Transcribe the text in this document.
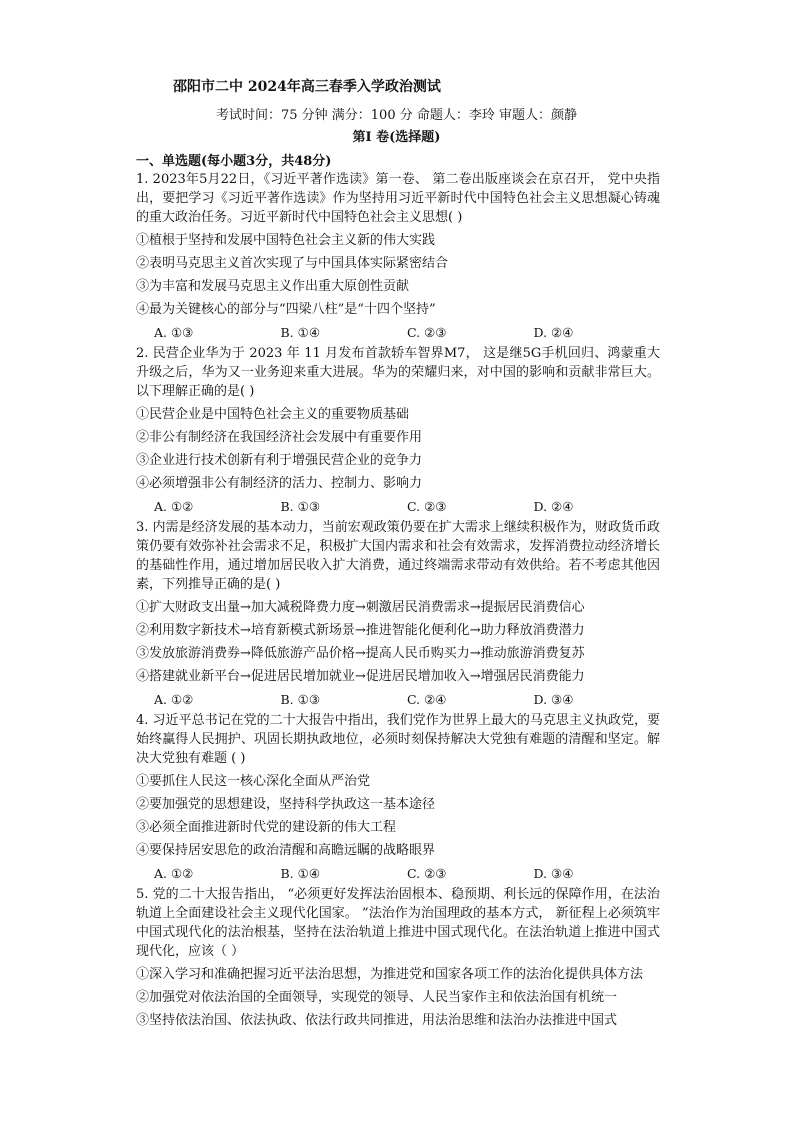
邵阳市二中 2024年高三春季入学政治测试
考试时间：75 分钟 满分：100 分 命题人：李玲 审题人：颜静
第Ⅰ 卷(选择题)
一、单选题(每小题3分，共48分)

1. 2023年5月22日，《习近平著作选读》第一卷、 第二卷出版座谈会在京召开， 党中央指出，要把学习《习近平著作选读》作为坚持用习近平新时代中国特色社会主义思想凝心铸魂的重大政治任务。习近平新时代中国特色社会主义思想( )

①植根于坚持和发展中国特色社会主义新的伟大实践

②表明马克思主义首次实现了与中国具体实际紧密结合

③为丰富和发展马克思主义作出重大原创性贡献

④最为关键核心的部分与“四梁八柱”是“十四个坚持”

A. ①③	B. ①④	C. ②③	D. ②④

2. 民营企业华为于 2023 年 11 月发布首款轿车智界M7， 这是继5G手机回归、鸿蒙重大升级之后，华为又一业务迎来重大进展。华为的荣耀归来，对中国的影响和贡献非常巨大。 以下理解正确的是( )

①民营企业是中国特色社会主义的重要物质基础

②非公有制经济在我国经济社会发展中有重要作用

③企业进行技术创新有利于增强民营企业的竞争力

④必须增强非公有制经济的活力、控制力、影响力

A. ①②	B. ①③	C. ②③	D. ②④

3. 内需是经济发展的基本动力，当前宏观政策仍要在扩大需求上继续积极作为，财政货币政策仍要有效弥补社会需求不足，积极扩大国内需求和社会有效需求，发挥消费拉动经济增长的基础性作用，通过增加居民收入扩大消费，通过终端需求带动有效供给。若不考虑其他因素，下列推导正确的是( )

①扩大财政支出量→加大减税降费力度→刺激居民消费需求→提振居民消费信心

②利用数字新技术→培育新模式新场景→推进智能化便利化→助力释放消费潜力

③发放旅游消费券→降低旅游产品价格→提高人民币购买力→推动旅游消费复苏

④搭建就业新平台→促进居民增加就业→促进居民增加收入→增强居民消费能力

A. ①②	B. ①③	C. ②④	D. ③④

4. 习近平总书记在党的二十大报告中指出，我们党作为世界上最大的马克思主义执政党，要始终赢得人民拥护、巩固长期执政地位，必须时刻保持解决大党独有难题的清醒和坚定。解决大党独有难题 ( )

①要抓住人民这一核心深化全面从严治党

②要加强党的思想建设，坚持科学执政这一基本途径

③必须全面推进新时代党的建设新的伟大工程

④要保持居安思危的政治清醒和高瞻远瞩的战略眼界

A. ①②	B. ①④	C. ②③	D. ③④

5. 党的二十大报告指出， “必须更好发挥法治固根本、稳预期、利长远的保障作用，在法治轨道上全面建设社会主义现代化国家。 ”法治作为治国理政的基本方式， 新征程上必须筑牢中国式现代化的法治根基，坚持在法治轨道上推进中国式现代化。在法治轨道上推进中国式现代化，应该（ ）

①深入学习和准确把握习近平法治思想，为推进党和国家各项工作的法治化提供具体方法

②加强党对依法治国的全面领导，实现党的领导、人民当家作主和依法治国有机统一

③坚持依法治国、依法执政、依法行政共同推进，用法治思维和法治办法推进中国式
